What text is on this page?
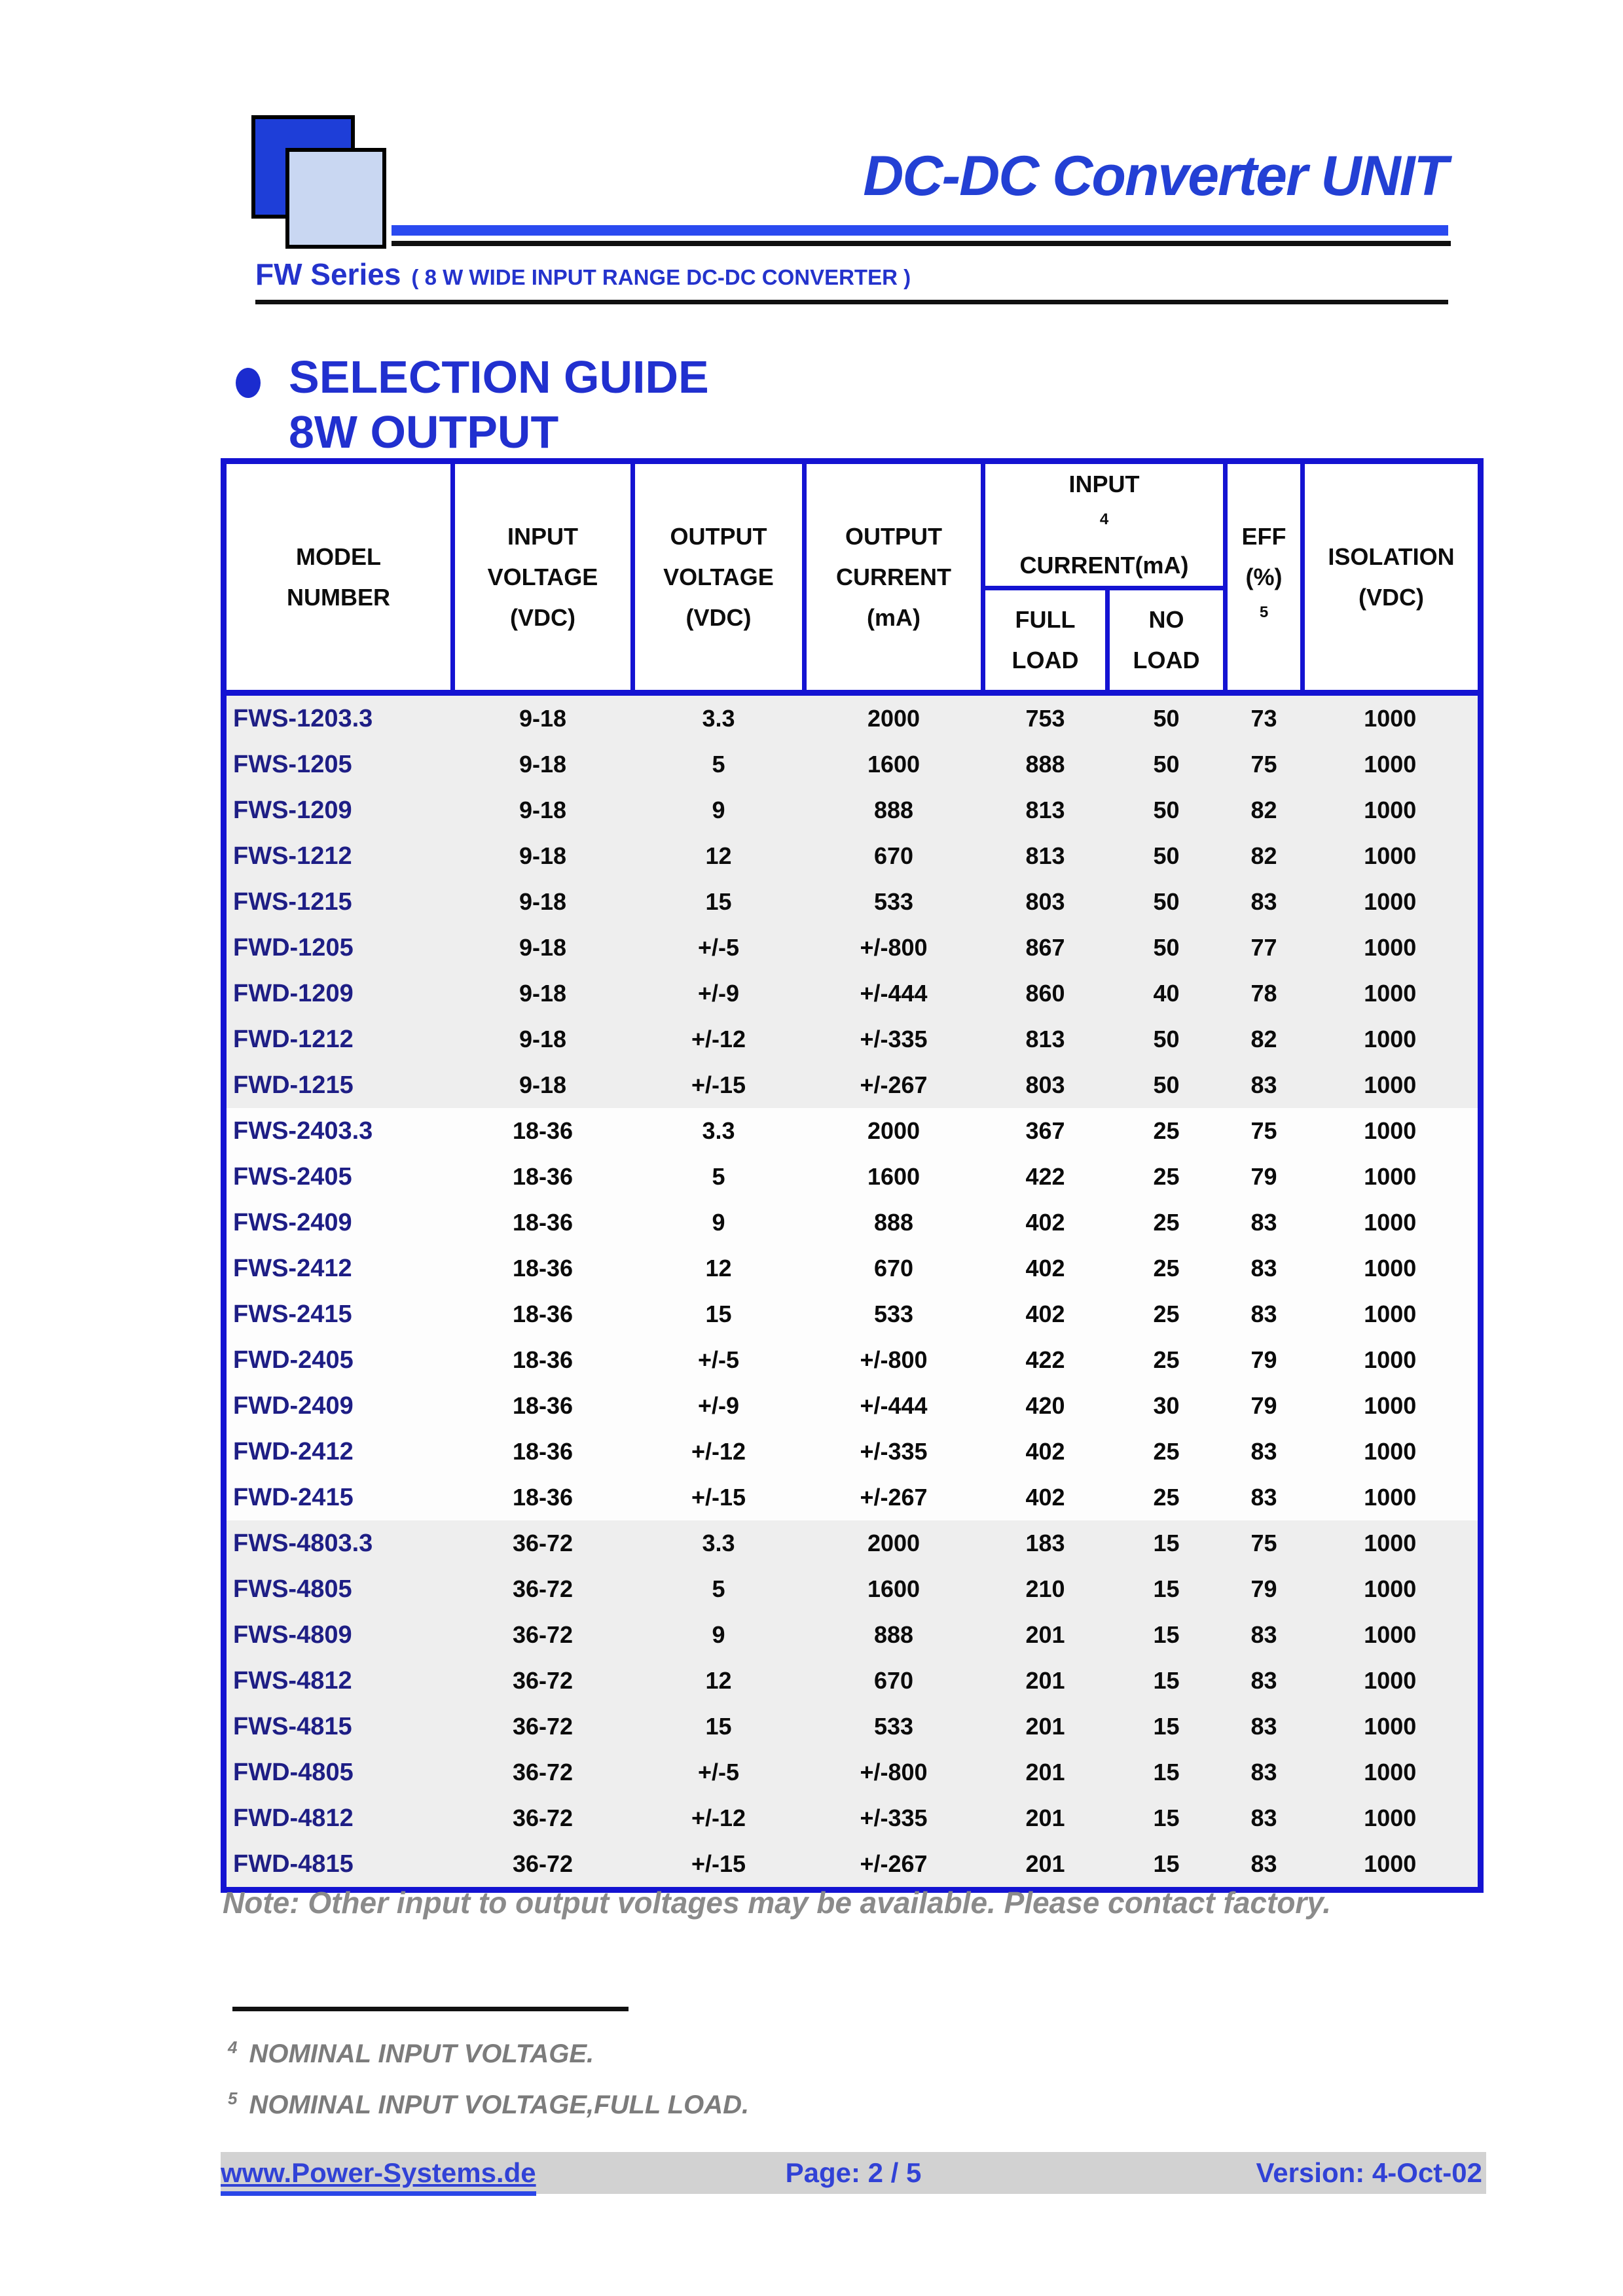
DC-DC Converter UNIT
FW Series ( 8 W WIDE INPUT RANGE DC-DC CONVERTER )
SELECTION GUIDE
8W OUTPUT
MODEL
NUMBER	INPUT
VOLTAGE
(VDC)	OUTPUT
VOLTAGE
(VDC)	OUTPUT
CURRENT
(mA)	INPUT
$^4$
CURRENT(mA)		EFF
(%)
$^5$	ISOLATION
(VDC)

				FULL
LOAD	NO
LOAD		

FWS-1203.3	9-18	3.3	2000	753	50	73	1000
FWS-1205	9-18	5	1600	888	50	75	1000
FWS-1209	9-18	9	888	813	50	82	1000
FWS-1212	9-18	12	670	813	50	82	1000
FWS-1215	9-18	15	533	803	50	83	1000
FWD-1205	9-18	+/-5	+/-800	867	50	77	1000
FWD-1209	9-18	+/-9	+/-444	860	40	78	1000
FWD-1212	9-18	+/-12	+/-335	813	50	82	1000
FWD-1215	9-18	+/-15	+/-267	803	50	83	1000
FWS-2403.3	18-36	3.3	2000	367	25	75	1000
FWS-2405	18-36	5	1600	422	25	79	1000
FWS-2409	18-36	9	888	402	25	83	1000
FWS-2412	18-36	12	670	402	25	83	1000
FWS-2415	18-36	15	533	402	25	83	1000
FWD-2405	18-36	+/-5	+/-800	422	25	79	1000
FWD-2409	18-36	+/-9	+/-444	420	30	79	1000
FWD-2412	18-36	+/-12	+/-335	402	25	83	1000
FWD-2415	18-36	+/-15	+/-267	402	25	83	1000
FWS-4803.3	36-72	3.3	2000	183	15	75	1000
FWS-4805	36-72	5	1600	210	15	79	1000
FWS-4809	36-72	9	888	201	15	83	1000
FWS-4812	36-72	12	670	201	15	83	1000
FWS-4815	36-72	15	533	201	15	83	1000
FWD-4805	36-72	+/-5	+/-800	201	15	83	1000
FWD-4812	36-72	+/-12	+/-335	201	15	83	1000
FWD-4815	36-72	+/-15	+/-267	201	15	83	1000
Note: Other input to output voltages may be available. Please contact factory.
$^4$ NOMINAL INPUT VOLTAGE.
$^5$ NOMINAL INPUT VOLTAGE,FULL LOAD.
www.Power-Systems.de	Page: 2 / 5	Version: 4-Oct-02
